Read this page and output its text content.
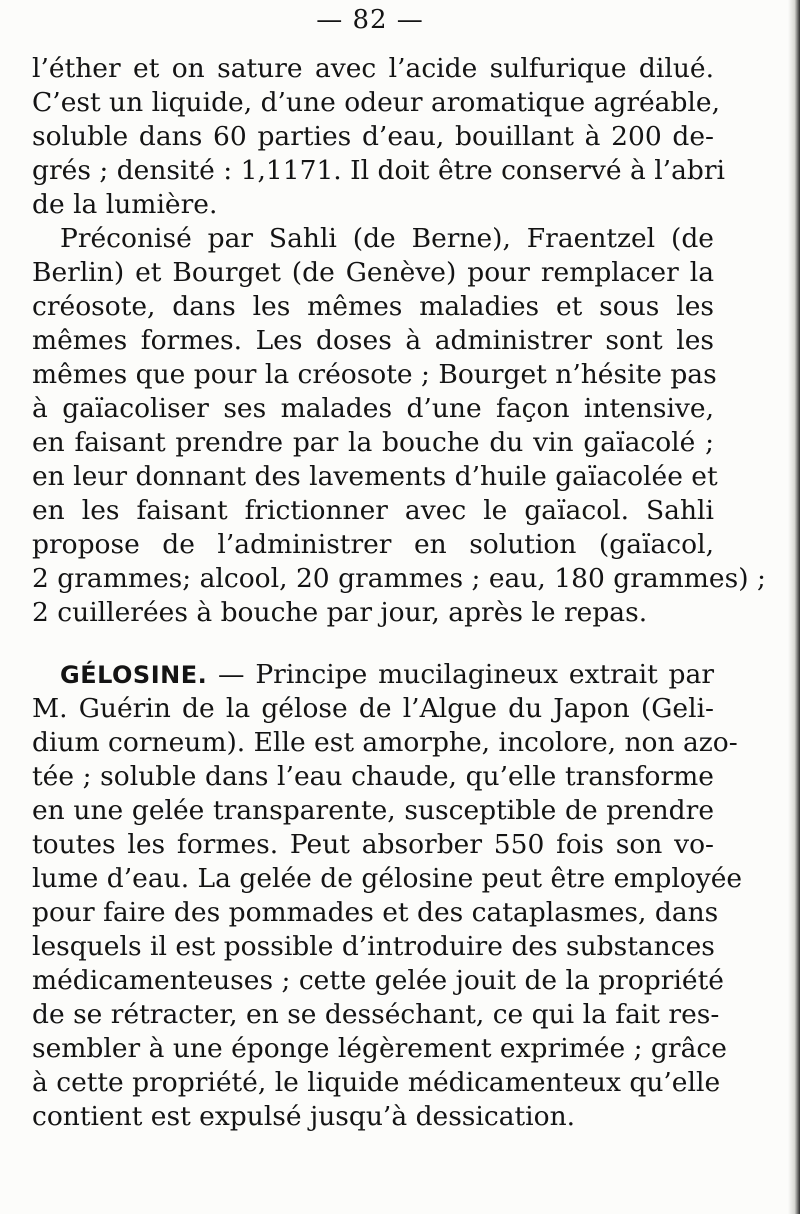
— 82 —
l’éther et on sature avec l’acide sulfurique dilué.
C’est un liquide, d’une odeur aromatique agréable,
soluble dans 60 parties d’eau, bouillant à 200 de-
grés ; densité : 1,1171. Il doit être conservé à l’abri
de la lumière.
Préconisé par Sahli (de Berne), Fraentzel (de
Berlin) et Bourget (de Genève) pour remplacer la
créosote, dans les mêmes maladies et sous les
mêmes formes. Les doses à administrer sont les
mêmes que pour la créosote ; Bourget n’hésite pas
à gaïacoliser ses malades d’une façon intensive,
en faisant prendre par la bouche du vin gaïacolé ;
en leur donnant des lavements d’huile gaïacolée et
en les faisant frictionner avec le gaïacol. Sahli
propose de l’administrer en solution (gaïacol,
2 grammes; alcool, 20 grammes ; eau, 180 grammes) ;
2 cuillerées à bouche par jour, après le repas.
GÉLOSINE. — Principe mucilagineux extrait par
M. Guérin de la gélose de l’Algue du Japon (Geli-
dium corneum). Elle est amorphe, incolore, non azo-
tée ; soluble dans l’eau chaude, qu’elle transforme
en une gelée transparente, susceptible de prendre
toutes les formes. Peut absorber 550 fois son vo-
lume d’eau. La gelée de gélosine peut être employée
pour faire des pommades et des cataplasmes, dans
lesquels il est possible d’introduire des substances
médicamenteuses ; cette gelée jouit de la propriété
de se rétracter, en se desséchant, ce qui la fait res-
sembler à une éponge légèrement exprimée ; grâce
à cette propriété, le liquide médicamenteux qu’elle
contient est expulsé jusqu’à dessication.
